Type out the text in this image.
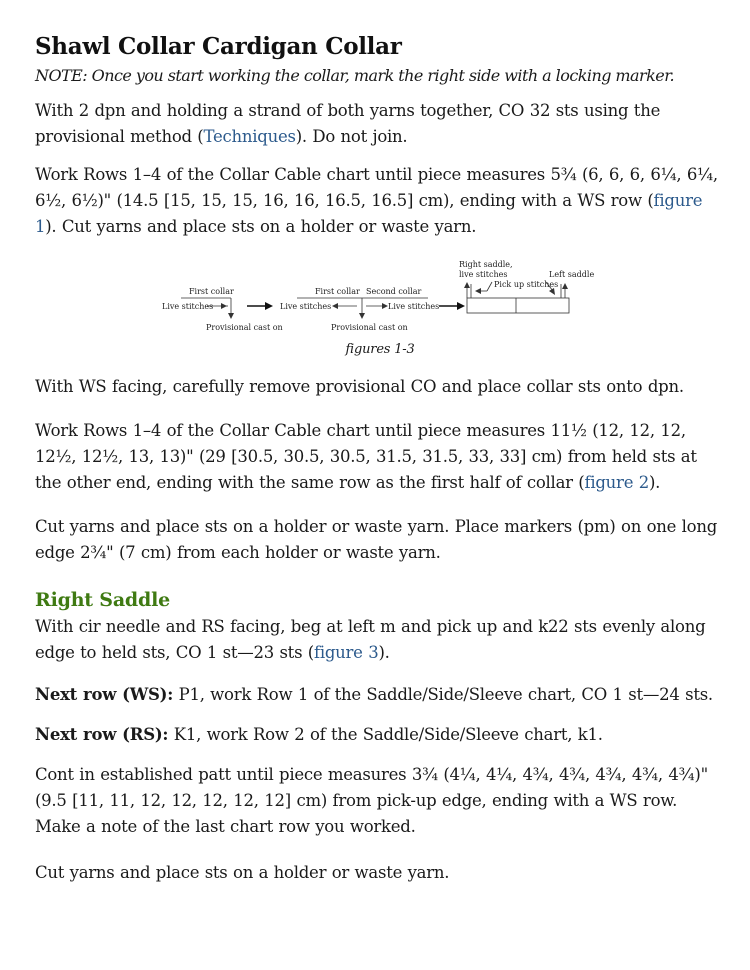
Shawl Collar Cardigan Collar

NOTE: Once you start working the collar, mark the right side with a locking marker.

With 2 dpn and holding a strand of both yarns together, CO 32 sts using the provisional method (Techniques). Do not join.

Work Rows 1–4 of the Collar Cable chart until piece measures 5¾ (6, 6, 6, 6¼, 6¼, 6½, 6½)" (14.5 [15, 15, 15, 16, 16, 16.5, 16.5] cm), ending with a WS row (figure 1). Cut yarns and place sts on a holder or waste yarn.

First collar
Live stitches
Provisional cast on
First collar Second collar
Live stitches	Live stitches
Provisional cast on
Right saddle,
live stitches
Pick up stitches
Left saddle
figures 1-3

With WS facing, carefully remove provisional CO and place collar sts onto dpn.

Work Rows 1–4 of the Collar Cable chart until piece measures 11½ (12, 12, 12, 12½, 12½, 13, 13)" (29 [30.5, 30.5, 30.5, 31.5, 31.5, 33, 33] cm) from held sts at the other end, ending with the same row as the first half of collar (figure 2).

Cut yarns and place sts on a holder or waste yarn. Place markers (pm) on one long edge 2¾" (7 cm) from each holder or waste yarn.

Right Saddle

With cir needle and RS facing, beg at left m and pick up and k22 sts evenly along edge to held sts, CO 1 st—23 sts (figure 3).

Next row (WS): P1, work Row 1 of the Saddle/Side/Sleeve chart, CO 1 st—24 sts.

Next row (RS): K1, work Row 2 of the Saddle/Side/Sleeve chart, k1.

Cont in established patt until piece measures 3¾ (4¼, 4¼, 4¾, 4¾, 4¾, 4¾, 4¾)" (9.5 [11, 11, 12, 12, 12, 12, 12] cm) from pick-up edge, ending with a WS row. Make a note of the last chart row you worked.

Cut yarns and place sts on a holder or waste yarn.
